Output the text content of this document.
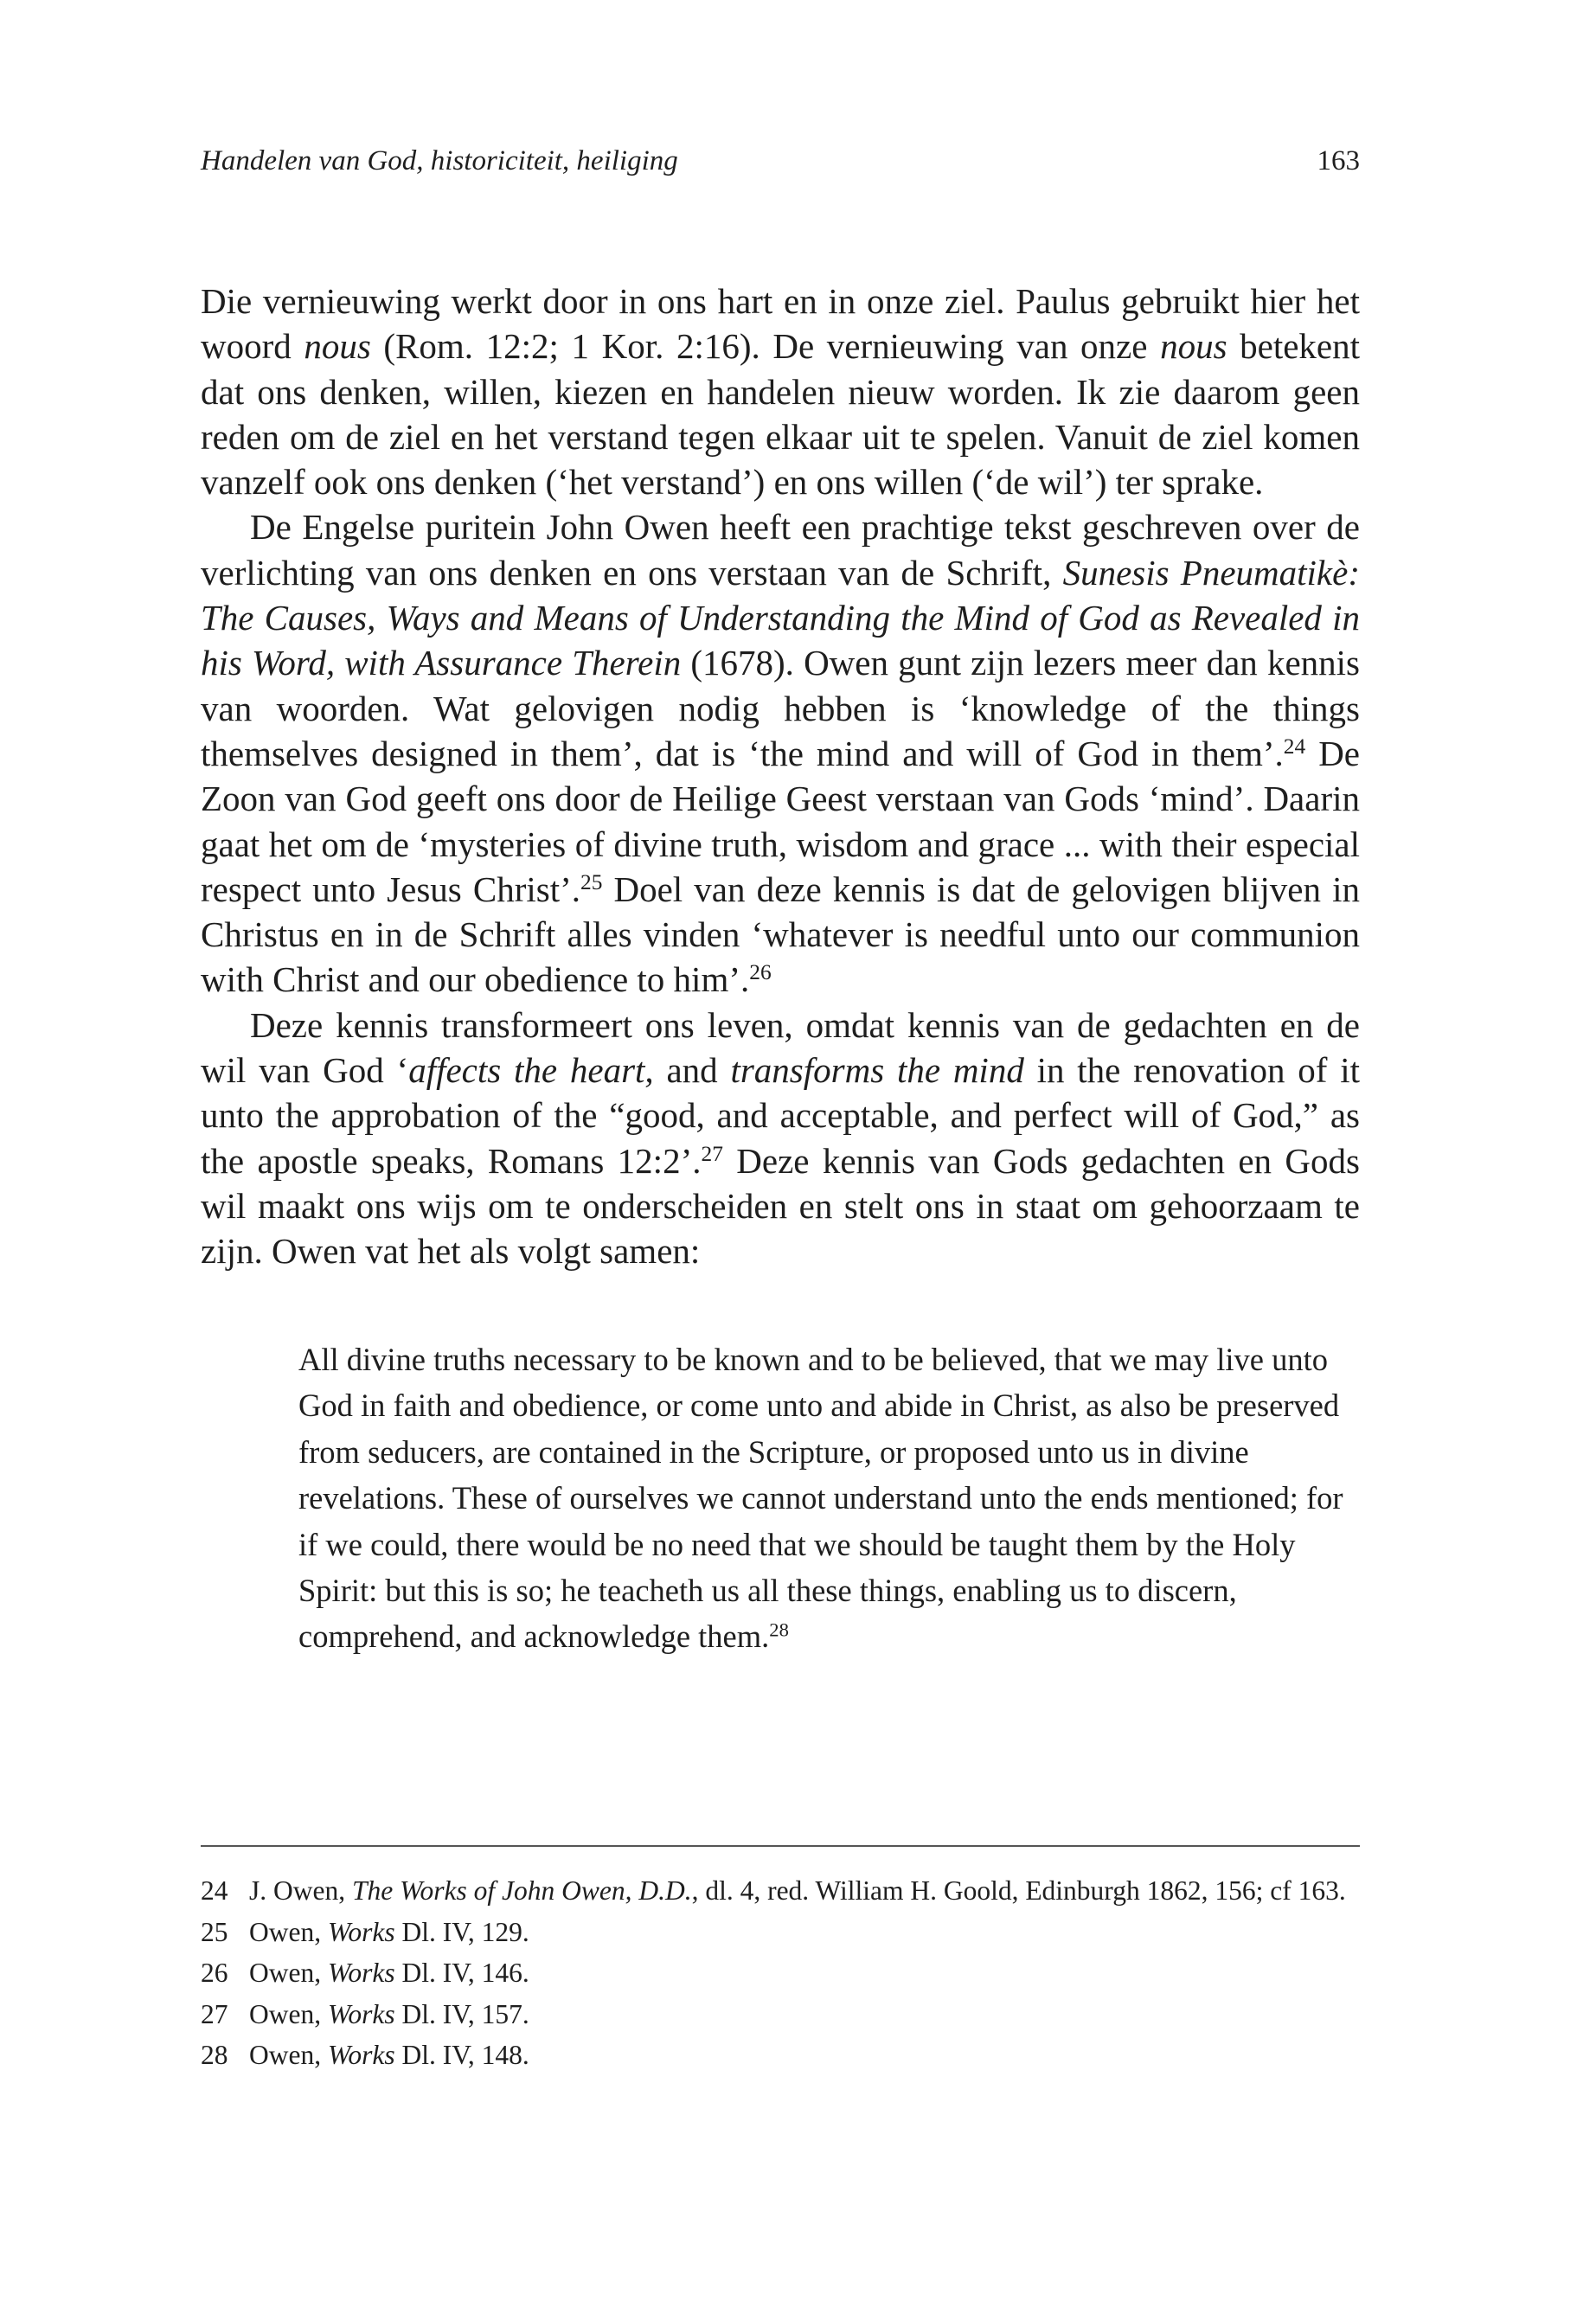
Handelen van God, historiciteit, heiliging	163

Die vernieuwing werkt door in ons hart en in onze ziel. Paulus gebruikt hier het woord nous (Rom. 12:2; 1 Kor. 2:16). De vernieuwing van onze nous betekent dat ons denken, willen, kiezen en handelen nieuw worden. Ik zie daarom geen reden om de ziel en het verstand tegen elkaar uit te spelen. Vanuit de ziel komen vanzelf ook ons denken (‘het verstand’) en ons willen (‘de wil’) ter sprake.

De Engelse puritein John Owen heeft een prachtige tekst geschreven over de verlichting van ons denken en ons verstaan van de Schrift, Sunesis Pneumatikè: The Causes, Ways and Means of Understanding the Mind of God as Revealed in his Word, with Assurance Therein (1678). Owen gunt zijn lezers meer dan kennis van woorden. Wat gelovigen nodig hebben is ‘knowledge of the things themselves designed in them’, dat is ‘the mind and will of God in them’.$^{24}$ De Zoon van God geeft ons door de Heilige Geest verstaan van Gods ‘mind’. Daarin gaat het om de ‘mysteries of divine truth, wisdom and grace ... with their especial respect unto Jesus Christ’.$^{25}$ Doel van deze kennis is dat de gelovigen blijven in Christus en in de Schrift alles vinden ‘whatever is needful unto our communion with Christ and our obedience to him’.$^{26}$

Deze kennis transformeert ons leven, omdat kennis van de gedachten en de wil van God ‘affects the heart, and transforms the mind in the renovation of it unto the approbation of the “good, and acceptable, and perfect will of God,” as the apostle speaks, Romans 12:2’.$^{27}$ Deze kennis van Gods gedachten en Gods wil maakt ons wijs om te onderscheiden en stelt ons in staat om gehoorzaam te zijn. Owen vat het als volgt samen:

All divine truths necessary to be known and to be believed, that we may live unto God in faith and obedience, or come unto and abide in Christ, as also be preserved from seducers, are contained in the Scripture, or proposed unto us in divine revelations. These of ourselves we cannot understand unto the ends mentioned; for if we could, there would be no need that we should be taught them by the Holy Spirit: but this is so; he teacheth us all these things, enabling us to discern, comprehend, and acknowledge them.$^{28}$
24 J. Owen, The Works of John Owen, D.D., dl. 4, red. William H. Goold, Edinburgh 1862, 156; cf 163.
25 Owen, Works Dl. IV, 129.
26 Owen, Works Dl. IV, 146.
27 Owen, Works Dl. IV, 157.
28 Owen, Works Dl. IV, 148.
